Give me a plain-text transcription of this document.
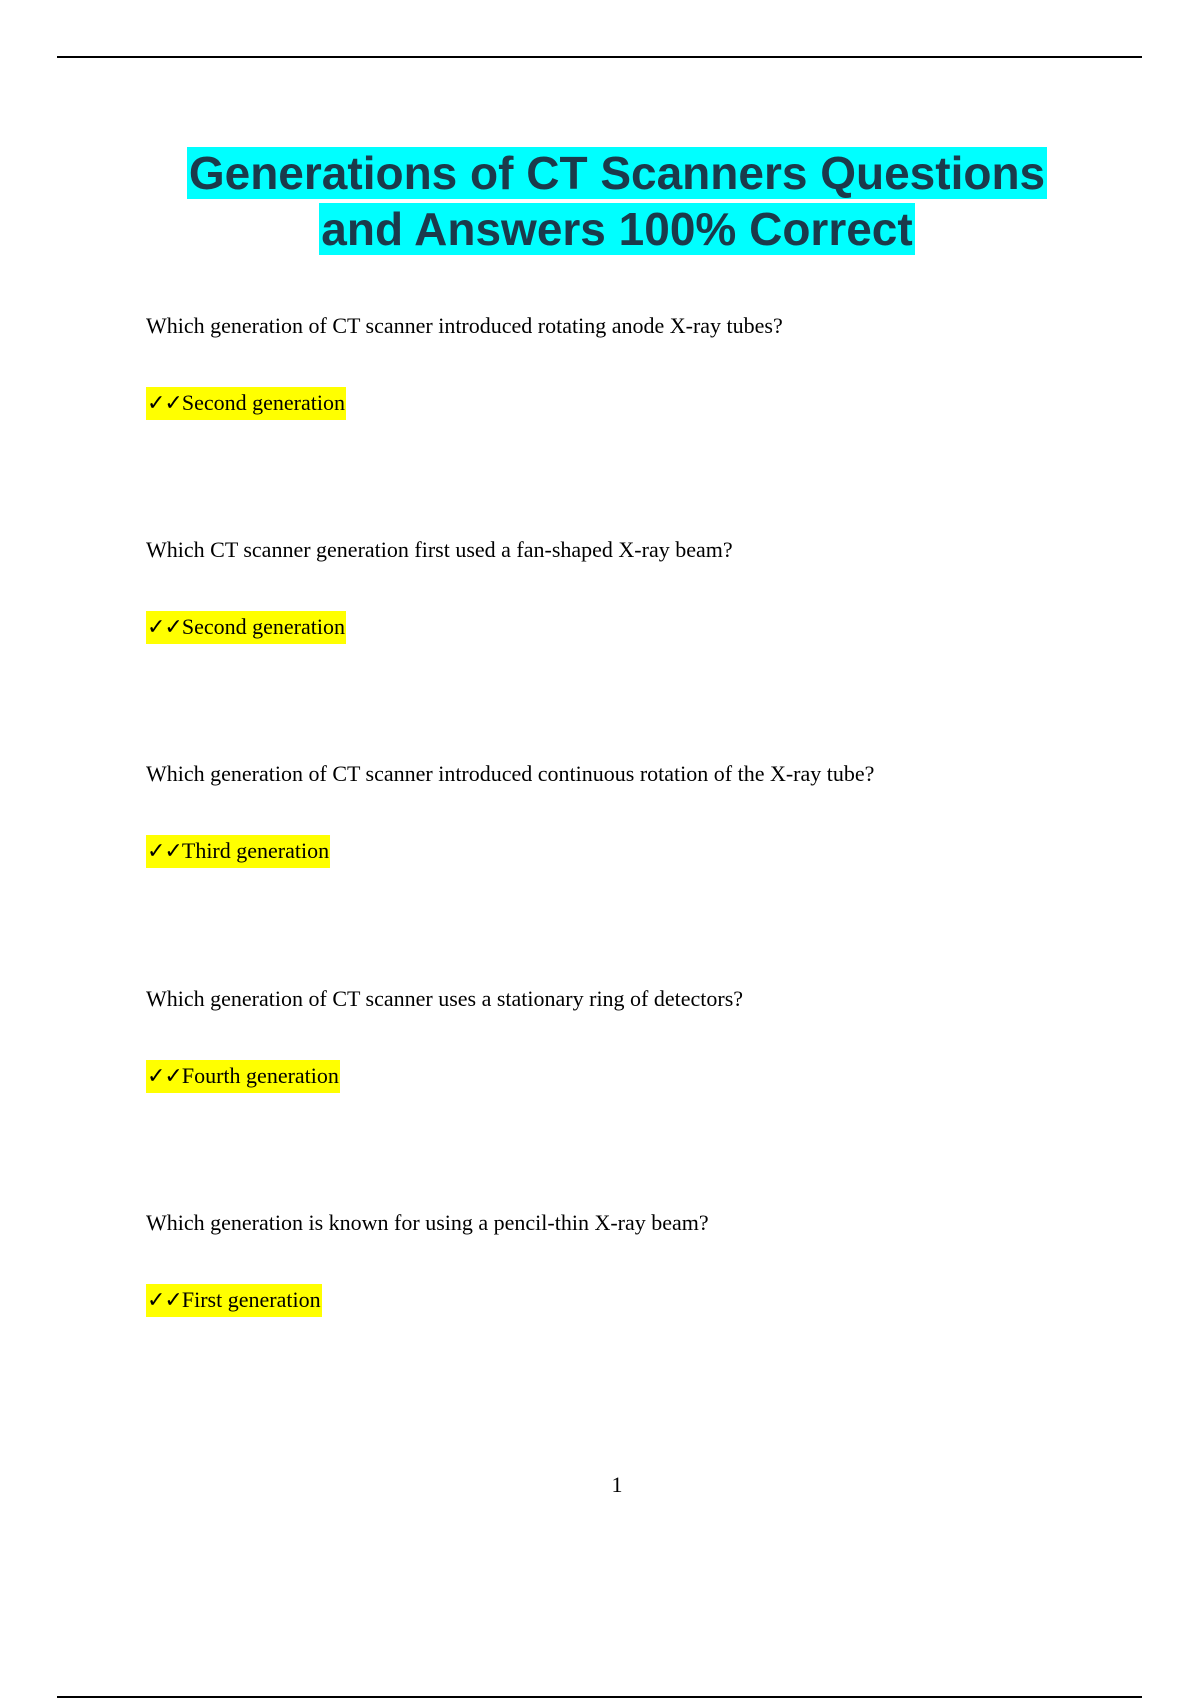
Generations of CT Scanners Questions
and Answers 100% Correct

Which generation of CT scanner introduced rotating anode X-ray tubes?

✓✓Second generation

Which CT scanner generation first used a fan-shaped X-ray beam?

✓✓Second generation

Which generation of CT scanner introduced continuous rotation of the X-ray tube?

✓✓Third generation

Which generation of CT scanner uses a stationary ring of detectors?

✓✓Fourth generation

Which generation is known for using a pencil-thin X-ray beam?

✓✓First generation
1
